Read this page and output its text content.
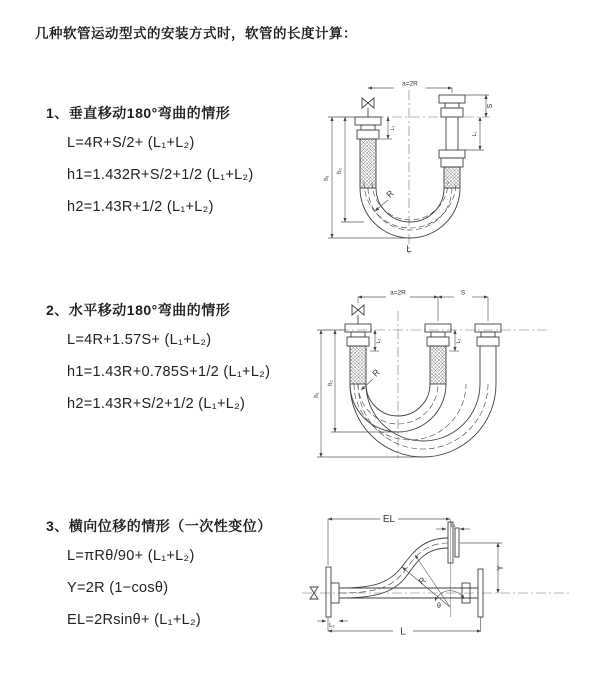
几种软管运动型式的安装方式时，软管的长度计算：
1、垂直移动180°弯曲的情形
L=4R+S/2+ (L₁+L₂)
h1=1.432R+S/2+1/2 (L₁+L₂)
h2=1.43R+1/2 (L₁+L₂)
2、水平移动180°弯曲的情形
L=4R+1.57S+ (L₁+L₂)
h1=1.43R+0.785S+1/2 (L₁+L₂)
h2=1.43R+S/2+1/2 (L₁+L₂)
3、横向位移的情形（一次性变位）
L=πRθ/90+ (L₁+L₂)
Y=2R (1−cosθ)
EL=2Rsinθ+ (L₁+L₂)
a=2R
S
L₁
L₁
h₁
h₂
R
L
a=2R	S
h₁
h₂
L₁	L₁
R
EL
L₁
Y
L
L₂
R
θ
